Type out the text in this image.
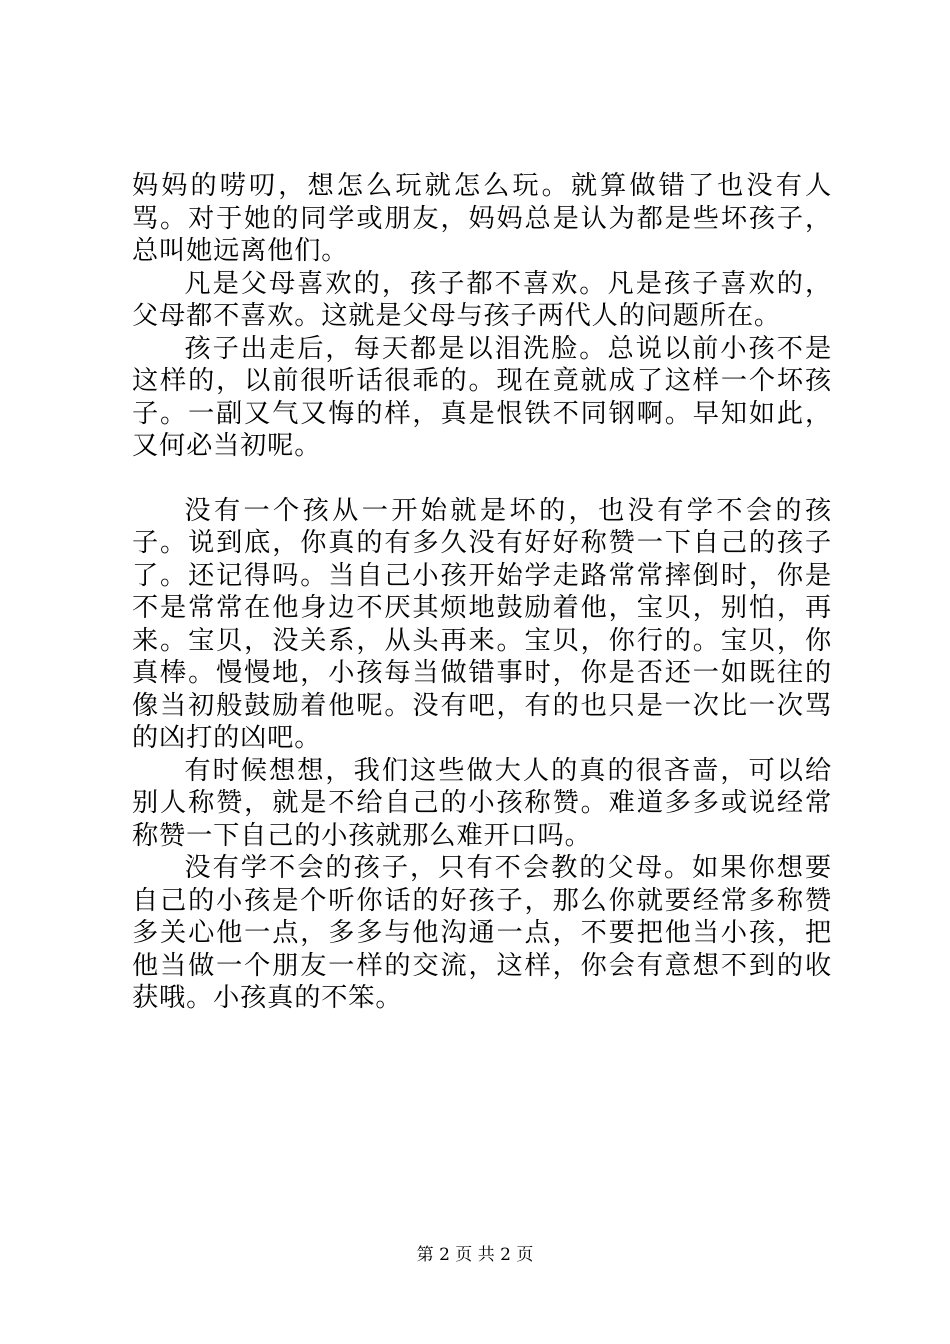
妈妈的唠叨，想怎么玩就怎么玩。就算做错了也没有人骂。对于她的同学或朋友，妈妈总是认为都是些坏孩子，总叫她远离他们。

凡是父母喜欢的，孩子都不喜欢。凡是孩子喜欢的，父母都不喜欢。这就是父母与孩子两代人的问题所在。

孩子出走后，每天都是以泪洗脸。总说以前小孩不是这样的，以前很听话很乖的。现在竟就成了这样一个坏孩子。一副又气又悔的样，真是恨铁不同钢啊。早知如此，又何必当初呢。

没有一个孩从一开始就是坏的，也没有学不会的孩子。说到底，你真的有多久没有好好称赞一下自己的孩子了。还记得吗。当自己小孩开始学走路常常摔倒时，你是不是常常在他身边不厌其烦地鼓励着他，宝贝，别怕，再来。宝贝，没关系，从头再来。宝贝，你行的。宝贝，你真棒。慢慢地，小孩每当做错事时，你是否还一如既往的像当初般鼓励着他呢。没有吧，有的也只是一次比一次骂的凶打的凶吧。

有时候想想，我们这些做大人的真的很吝啬，可以给别人称赞，就是不给自己的小孩称赞。难道多多或说经常称赞一下自己的小孩就那么难开口吗。

没有学不会的孩子，只有不会教的父母。如果你想要自己的小孩是个听你话的好孩子，那么你就要经常多称赞多关心他一点，多多与他沟通一点，不要把他当小孩，把他当做一个朋友一样的交流，这样，你会有意想不到的收获哦。小孩真的不笨。

第 2 页 共 2 页
